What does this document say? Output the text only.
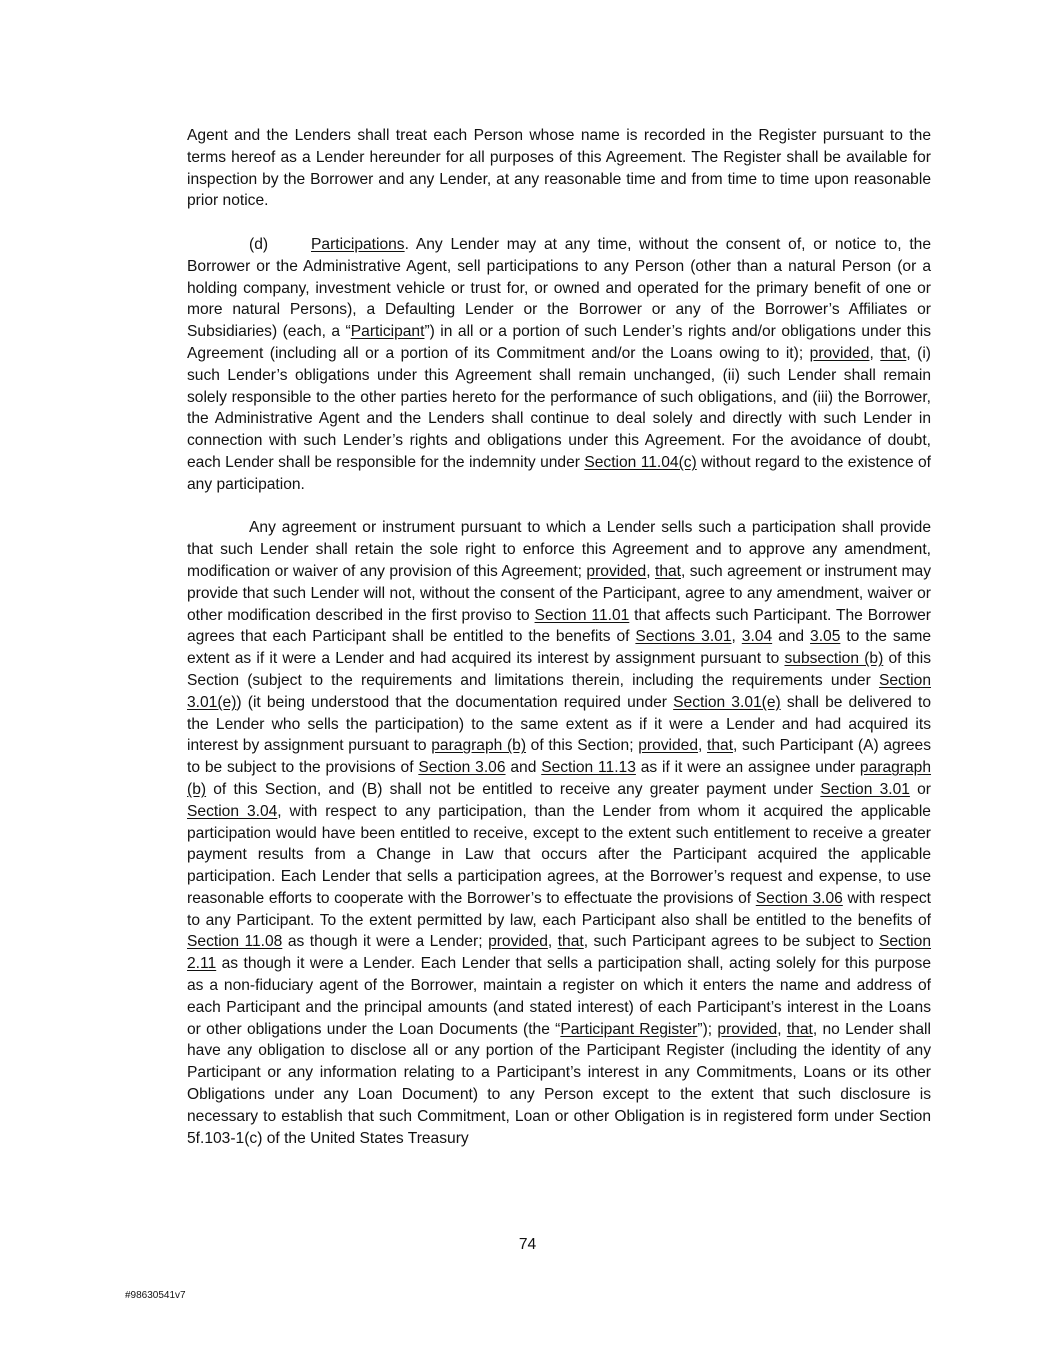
Agent and the Lenders shall treat each Person whose name is recorded in the Register pursuant to the terms hereof as a Lender hereunder for all purposes of this Agreement. The Register shall be available for inspection by the Borrower and any Lender, at any reasonable time and from time to time upon reasonable prior notice.

(d)	Participations. Any Lender may at any time, without the consent of, or notice to, the Borrower or the Administrative Agent, sell participations to any Person (other than a natural Person (or a holding company, investment vehicle or trust for, or owned and operated for the primary benefit of one or more natural Persons), a Defaulting Lender or the Borrower or any of the Borrower’s Affiliates or Subsidiaries) (each, a “Participant”) in all or a portion of such Lender’s rights and/or obligations under this Agreement (including all or a portion of its Commitment and/or the Loans owing to it); provided, that, (i) such Lender’s obligations under this Agreement shall remain unchanged, (ii) such Lender shall remain solely responsible to the other parties hereto for the performance of such obligations, and (iii) the Borrower, the Administrative Agent and the Lenders shall continue to deal solely and directly with such Lender in connection with such Lender’s rights and obligations under this Agreement. For the avoidance of doubt, each Lender shall be responsible for the indemnity under Section 11.04(c) without regard to the existence of any participation.

Any agreement or instrument pursuant to which a Lender sells such a participation shall provide that such Lender shall retain the sole right to enforce this Agreement and to approve any amendment, modification or waiver of any provision of this Agreement; provided, that, such agreement or instrument may provide that such Lender will not, without the consent of the Participant, agree to any amendment, waiver or other modification described in the first proviso to Section 11.01 that affects such Participant. The Borrower agrees that each Participant shall be entitled to the benefits of Sections 3.01, 3.04 and 3.05 to the same extent as if it were a Lender and had acquired its interest by assignment pursuant to subsection (b) of this Section (subject to the requirements and limitations therein, including the requirements under Section 3.01(e)) (it being understood that the documentation required under Section 3.01(e) shall be delivered to the Lender who sells the participation) to the same extent as if it were a Lender and had acquired its interest by assignment pursuant to paragraph (b) of this Section; provided, that, such Participant (A) agrees to be subject to the provisions of Section 3.06 and Section 11.13 as if it were an assignee under paragraph (b) of this Section, and (B) shall not be entitled to receive any greater payment under Section 3.01 or Section 3.04, with respect to any participation, than the Lender from whom it acquired the applicable participation would have been entitled to receive, except to the extent such entitlement to receive a greater payment results from a Change in Law that occurs after the Participant acquired the applicable participation. Each Lender that sells a participation agrees, at the Borrower’s request and expense, to use reasonable efforts to cooperate with the Borrower’s to effectuate the provisions of Section 3.06 with respect to any Participant. To the extent permitted by law, each Participant also shall be entitled to the benefits of Section 11.08 as though it were a Lender; provided, that, such Participant agrees to be subject to Section 2.11 as though it were a Lender. Each Lender that sells a participation shall, acting solely for this purpose as a non-fiduciary agent of the Borrower, maintain a register on which it enters the name and address of each Participant and the principal amounts (and stated interest) of each Participant’s interest in the Loans or other obligations under the Loan Documents (the “Participant Register”); provided, that, no Lender shall have any obligation to disclose all or any portion of the Participant Register (including the identity of any Participant or any information relating to a Participant’s interest in any Commitments, Loans or its other Obligations under any Loan Document) to any Person except to the extent that such disclosure is necessary to establish that such Commitment, Loan or other Obligation is in registered form under Section 5f.103-1(c) of the United States Treasury

74
#98630541v7
